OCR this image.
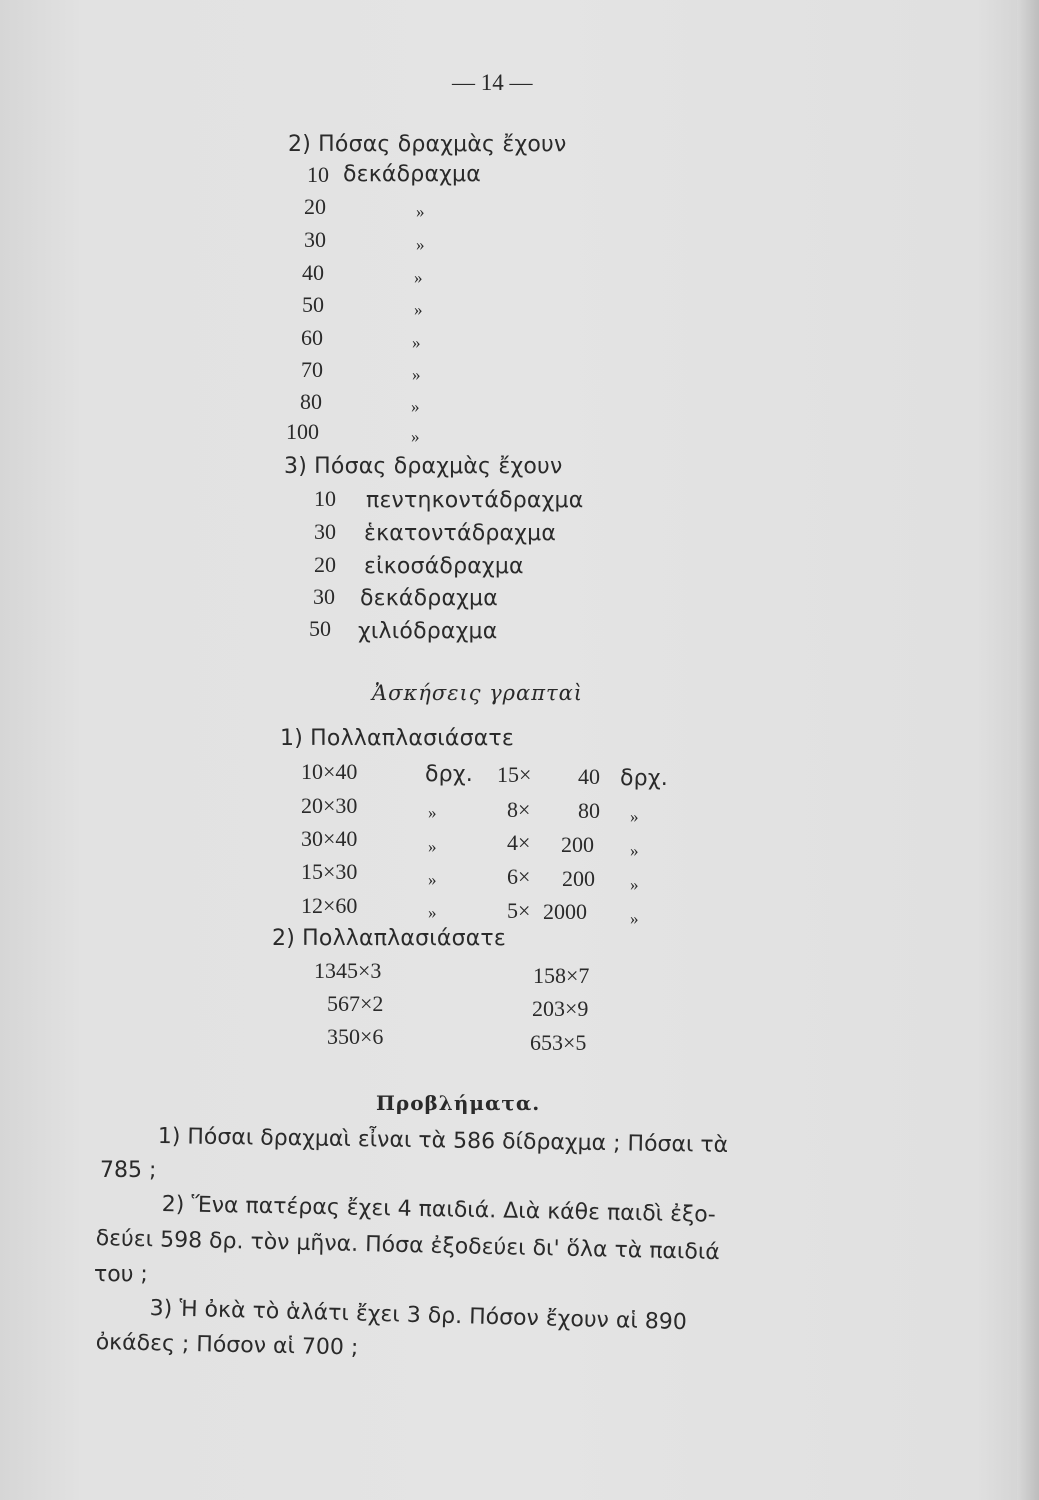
— 14 —
2) Πόσας δραχμὰς ἔχουν
10 δεκάδραχμα
20	»
30	»
40	»
50	»
60	»
70	»
80	»
100	»
3) Πόσας δραχμὰς ἔχουν
10 πεντηκοντάδραχμα
30 ἑκατοντάδραχμα
20 εἰκοσάδραχμα
30 δεκάδραχμα
50 χιλιόδραχμα
Ἀσκήσεις γραπταὶ
1) Πολλαπλασιάσατε
10×40	δρχ. 15× 40 δρχ.
20×30	»	8× 80 »
30×40	»	4× 200 »
15×30	»	6× 200 »
12×60	»	5× 2000	»
2) Πολλαπλασιάσατε
1345×3	158×7
567×2	203×9
350×6	653×5
Προβλήματα.
1) Πόσαι δραχμαὶ εἶναι τὰ 586 δίδραχμα ; Πόσαι τὰ
785 ;
2) Ἕνα πατέρας ἔχει 4 παιδιά. Διὰ κάθε παιδὶ ἐξο-
δεύει 598 δρ. τὸν μῆνα. Πόσα ἐξοδεύει δι' ὅλα τὰ παιδιά
του ;
3) Ἡ ὀκὰ τὸ ἁλάτι ἔχει 3 δρ. Πόσον ἔχουν αἱ 890
ὀκάδες ; Πόσον αἱ 700 ;
